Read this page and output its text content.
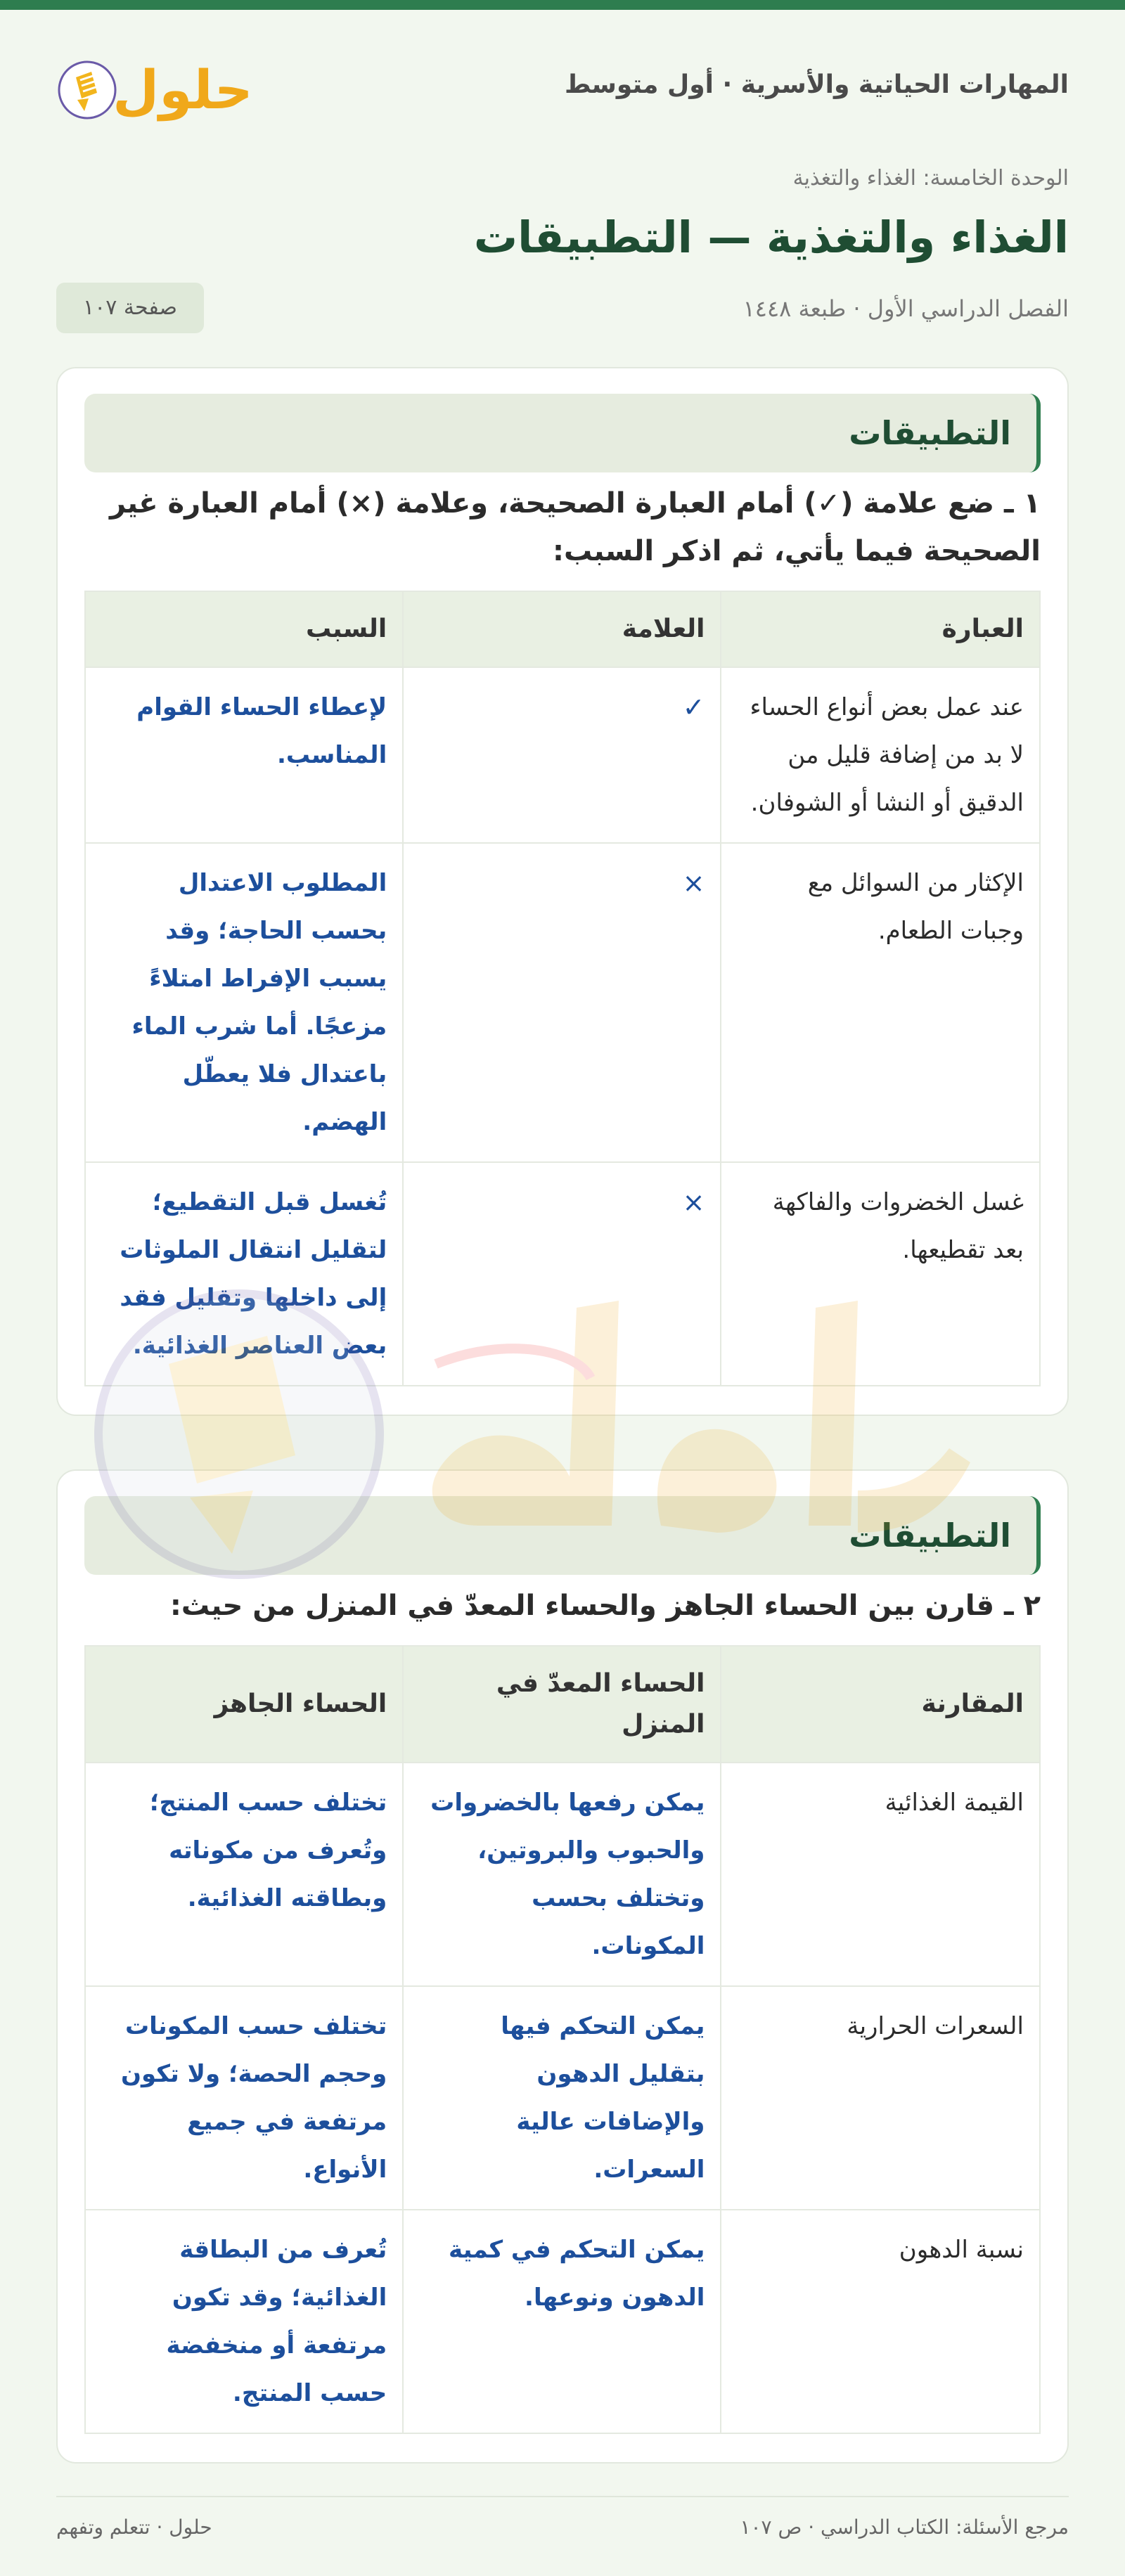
المهارات الحياتية والأسرية · أول متوسط
حلول
الوحدة الخامسة: الغذاء والتغذية
الغذاء والتغذية — التطبيقات
الفصل الدراسي الأول · طبعة ١٤٤٨
صفحة ١٠٧
التطبيقات
١ ـ ضع علامة (✓) أمام العبارة الصحيحة، وعلامة (×) أمام العبارة غير الصحيحة فيما يأتي، ثم اذكر السبب:
العبارة	العلامة	السبب
عند عمل بعض أنواع الحساء لا بد من إضافة قليل من الدقيق أو النشا أو الشوفان.	✓	لإعطاء الحساء القوام المناسب.
الإكثار من السوائل مع وجبات الطعام.	×	المطلوب الاعتدال بحسب الحاجة؛ وقد يسبب الإفراط امتلاءً مزعجًا. أما شرب الماء باعتدال فلا يعطّل الهضم.
غسل الخضروات والفاكهة بعد تقطيعها.	×	تُغسل قبل التقطيع؛ لتقليل انتقال الملوثات إلى داخلها وتقليل فقد بعض العناصر الغذائية.
التطبيقات
٢ ـ قارن بين الحساء الجاهز والحساء المعدّ في المنزل من حيث:
المقارنة	الحساء المعدّ في المنزل	الحساء الجاهز
القيمة الغذائية	يمكن رفعها بالخضروات والحبوب والبروتين، وتختلف بحسب المكونات.	تختلف حسب المنتج؛ وتُعرف من مكوناته وبطاقته الغذائية.
السعرات الحرارية	يمكن التحكم فيها بتقليل الدهون والإضافات عالية السعرات.	تختلف حسب المكونات وحجم الحصة؛ ولا تكون مرتفعة في جميع الأنواع.
نسبة الدهون	يمكن التحكم في كمية الدهون ونوعها.	تُعرف من البطاقة الغذائية؛ وقد تكون مرتفعة أو منخفضة حسب المنتج.
مرجع الأسئلة: الكتاب الدراسي · ص ١٠٧
حلول · تتعلم وتفهم
